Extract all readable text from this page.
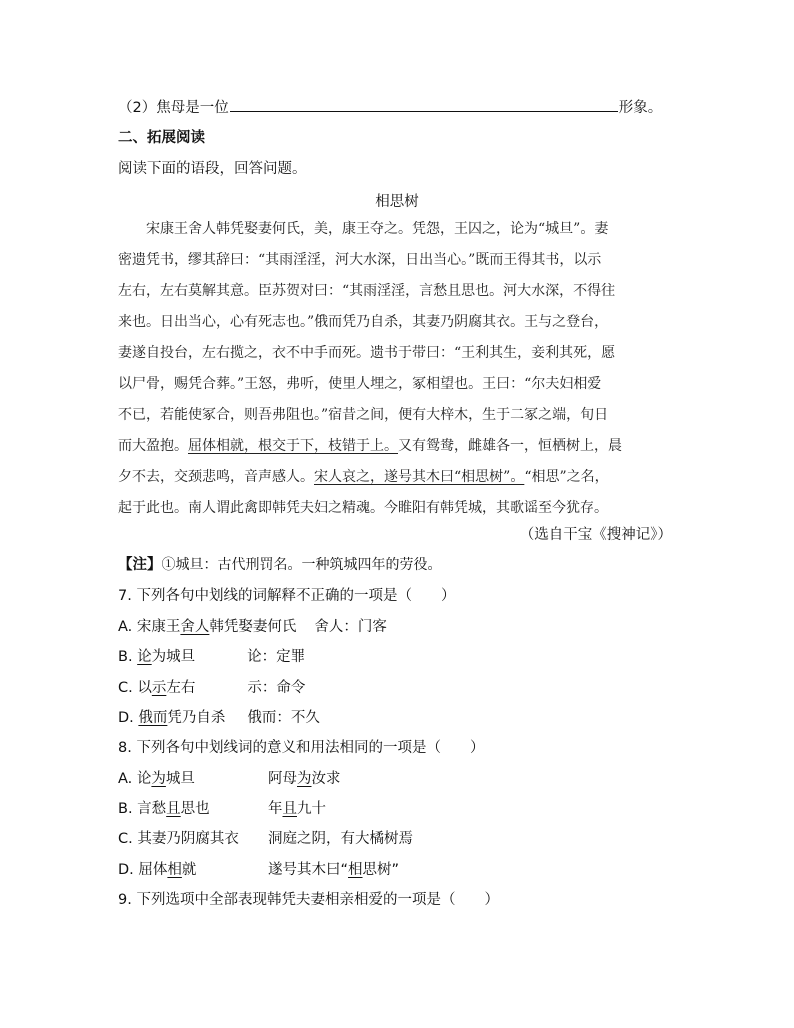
（2）焦母是一位	形象。
二、拓展阅读
阅读下面的语段，回答问题。
相思树
宋康王舍人韩凭娶妻何氏，美，康王夺之。凭怨，王囚之，论为“城旦”。妻
密遗凭书，缪其辞曰：“其雨淫淫，河大水深，日出当心。”既而王得其书，以示
左右，左右莫解其意。臣苏贺对曰：“其雨淫淫，言愁且思也。河大水深，不得往
来也。日出当心，心有死志也。”俄而凭乃自杀，其妻乃阴腐其衣。王与之登台，
妻遂自投台，左右揽之，衣不中手而死。遗书于带曰：“王利其生，妾利其死，愿
以尸骨，赐凭合葬。”王怒，弗听，使里人埋之，冢相望也。王曰：“尔夫妇相爱
不已，若能使冢合，则吾弗阻也。”宿昔之间，便有大梓木，生于二冢之端，旬日
而大盈抱。屈体相就，根交于下，枝错于上。又有鸳鸯，雌雄各一，恒栖树上，晨
夕不去，交颈悲鸣，音声感人。宋人哀之，遂号其木曰“相思树”。“相思”之名，
起于此也。南人谓此禽即韩凭夫妇之精魂。今睢阳有韩凭城，其歌谣至今犹存。
（选自干宝《搜神记》）
【注】①城旦：古代刑罚名。一种筑城四年的劳役。
7. 下列各句中划线的词解释不正确的一项是（　　）
A. 宋康王舍人韩凭娶妻何氏 舍人：门客
B. 论为城旦	论：定罪
C. 以示左右	示：命令
D. 俄而凭乃自杀 俄而：不久
8. 下列各句中划线词的意义和用法相同的一项是（　　）
A. 论为城旦	阿母为汝求
B. 言愁且思也	年且九十
C. 其妻乃阴腐其衣 洞庭之阴，有大橘树焉
D. 屈体相就	遂号其木曰“相思树”
9. 下列选项中全部表现韩凭夫妻相亲相爱的一项是（　　）
